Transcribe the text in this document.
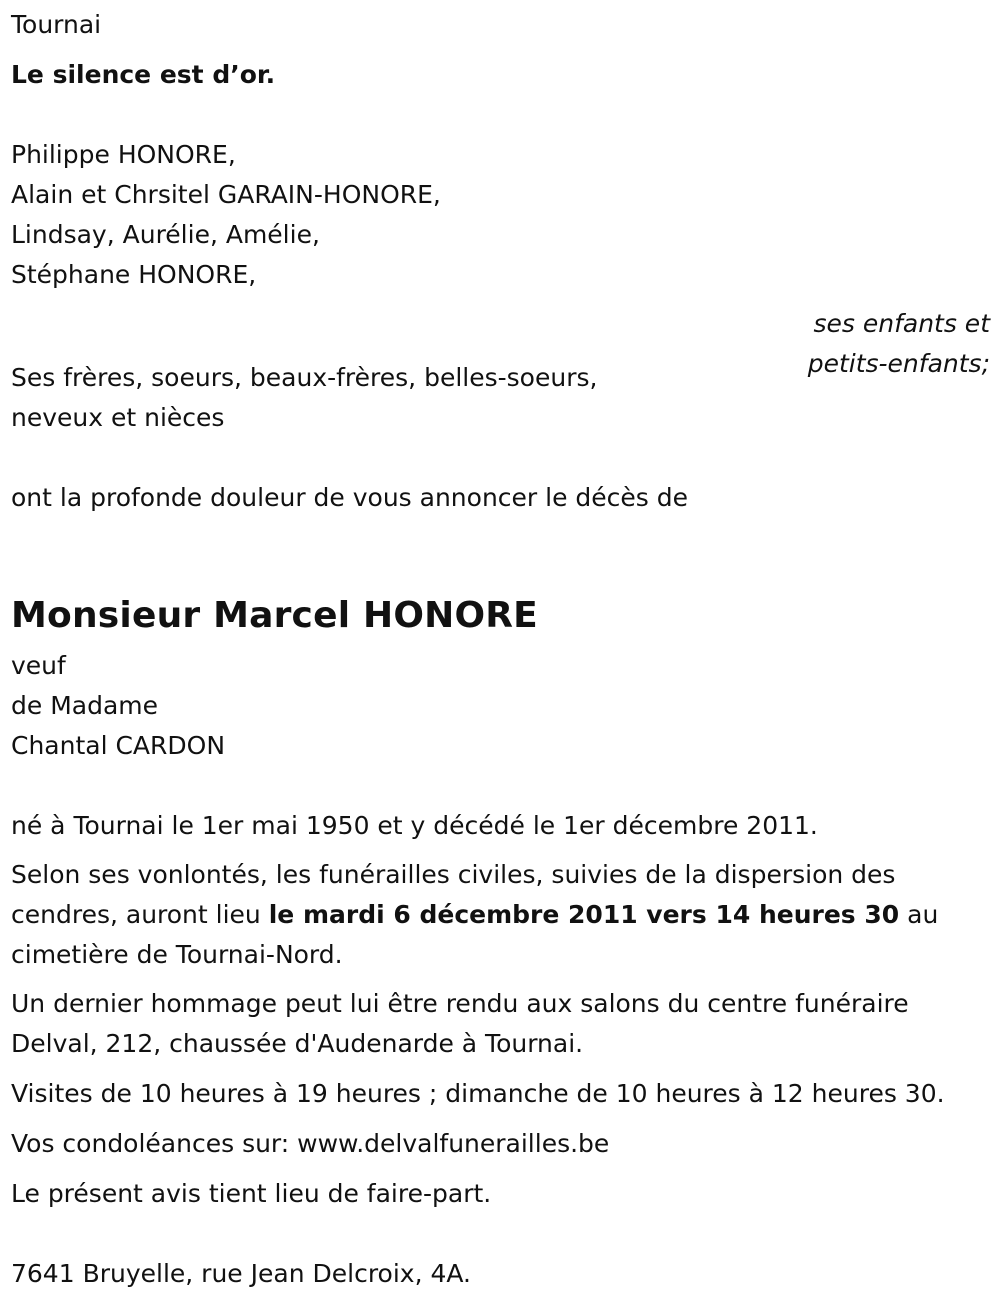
Tournai

Le silence est d’or.

Philippe HONORE,

Alain et Chrsitel GARAIN-HONORE,

Lindsay, Aurélie, Amélie,

Stéphane HONORE,

ses enfants et

petits-enfants;

Ses frères, soeurs, beaux-frères, belles-soeurs,

neveux et nièces

ont la profonde douleur de vous annoncer le décès de

Monsieur Marcel HONORE

veuf

de Madame

Chantal CARDON

né à Tournai le 1er mai 1950 et y décédé le 1er décembre 2011.

Selon ses vonlontés, les funérailles civiles, suivies de la dispersion des cendres, auront lieu le mardi 6 décembre 2011 vers 14 heures 30 au cimetière de Tournai-Nord.

Un dernier hommage peut lui être rendu aux salons du centre funéraire Delval, 212, chaussée d'Audenarde à Tournai.

Visites de 10 heures à 19 heures ; dimanche de 10 heures à 12 heures 30.

Vos condoléances sur: www.delvalfunerailles.be

Le présent avis tient lieu de faire-part.

7641 Bruyelle, rue Jean Delcroix, 4A.
